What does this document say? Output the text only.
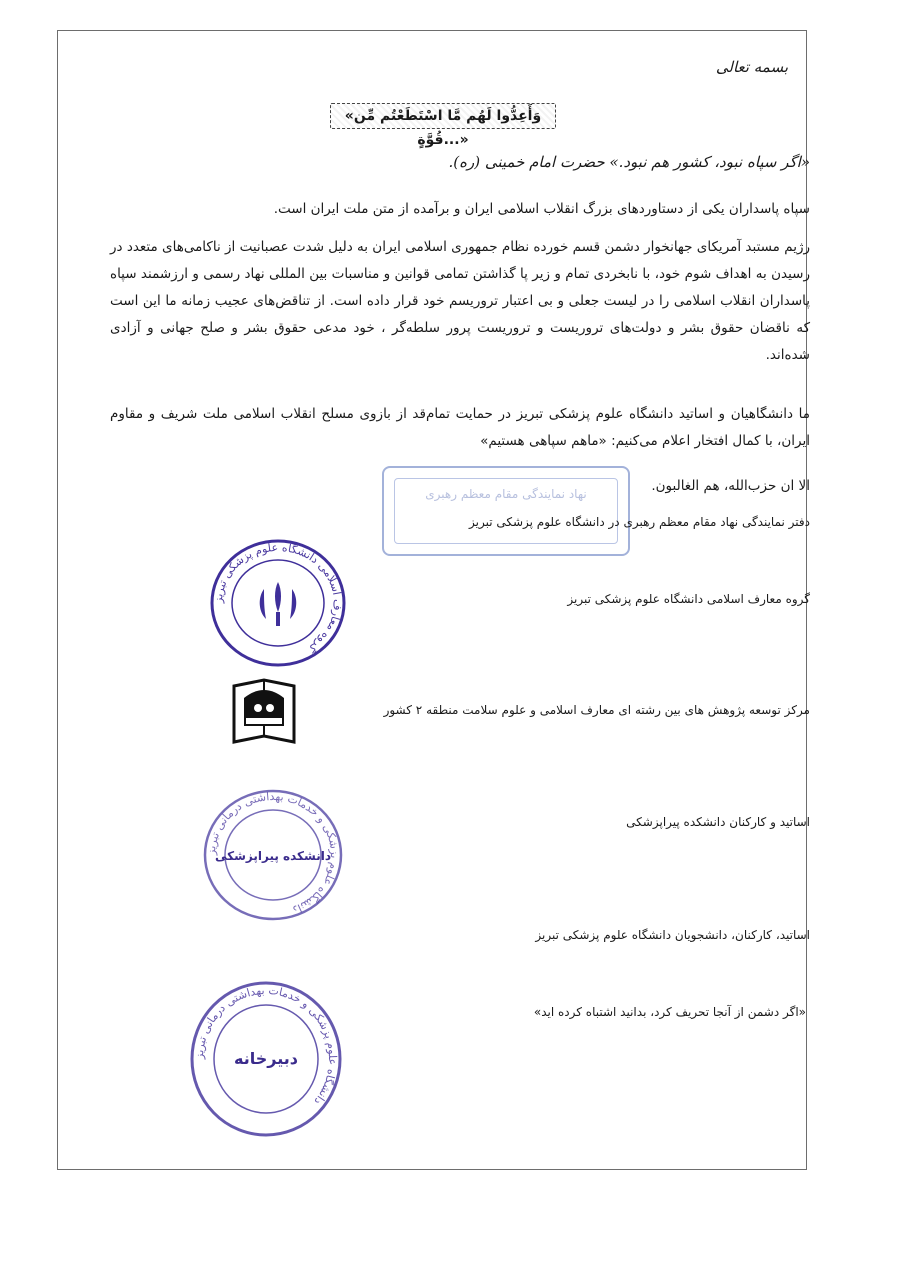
بسمه تعالی
«وَأَعِدُّوا لَهُم مَّا اسْتَطَعْتُم مِّن قُوَّةٍ...»
«اگر سپاه نبود، کشور هم نبود.» حضرت امام خمینی (ره).
سپاه پاسداران یکی از دستاوردهای بزرگ انقلاب اسلامی ایران و برآمده از متن ملت ایران است.
رژیم مستبد آمریکای جهانخوار دشمن قسم خورده نظام جمهوری اسلامی ایران به دلیل شدت عصبانیت از ناکامی‌های متعدد در رسیدن به اهداف شوم خود، با نابخردی تمام و زیر پا گذاشتن تمامی قوانین و مناسبات بین المللی نهاد رسمی و ارزشمند سپاه پاسداران انقلاب اسلامی را در لیست جعلی و بی اعتبار تروریسم خود قرار داده است. از تناقض‌های عجیب زمانه ما این است که ناقضان حقوق بشر و دولت‌های تروریست و تروریست پرور سلطه‌گر ، خود مدعی حقوق بشر و صلح جهانی و آزادی شده‌اند.
ما دانشگاهیان و اساتید دانشگاه علوم پزشکی تبریز در حمایت تمام‌قد از بازوی مسلح انقلاب اسلامی ملت شریف و مقاوم ایران، با کمال افتخار اعلام می‌کنیم: «ماهم سپاهی هستیم»
الا ان حزب‌الله، هم الغالبون.
نهاد نمایندگی مقام معظم رهبری
دفتر نمایندگی نهاد مقام معظم رهبری در دانشگاه علوم پزشکی تبریز
گروه معارف اسلامی دانشگاه علوم پزشکی تبریز
مرکز توسعه پژوهش های بین رشته ای معارف اسلامی و علوم سلامت منطقه ۲ کشور
اساتید و کارکنان دانشکده پیراپزشکی
اساتید، کارکنان، دانشجویان دانشگاه علوم پزشکی تبریز
«اگر دشمن از آنجا تحریف کرد، بدانید اشتباه کرده اید»
گروه معارف اسلامی دانشگاه علوم پزشکی تبریز
دانشگاه علوم پزشکی و خدمات بهداشتی درمانی تبریز
دانشکده پیراپزشکی
دانشگاه علوم پزشکی و خدمات بهداشتی درمانی تبریز
دبیرخانه
